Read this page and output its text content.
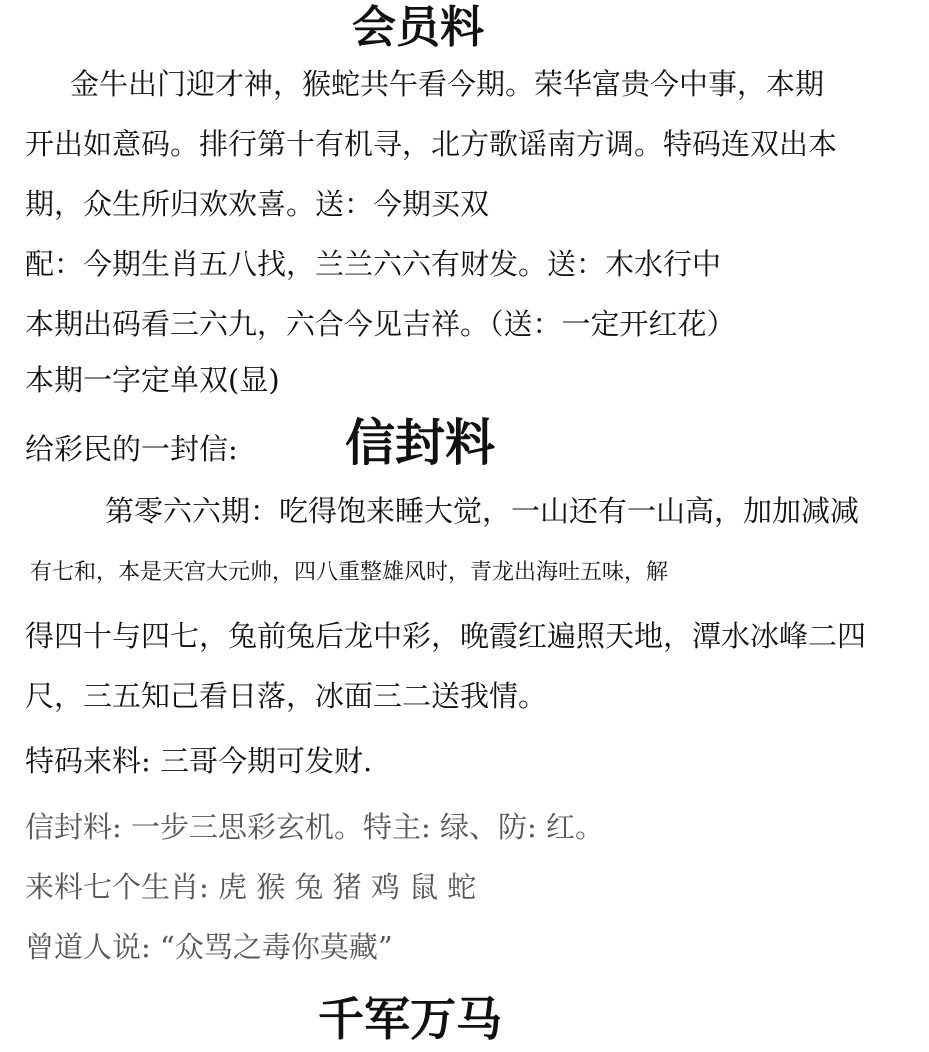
会员料

金牛出门迎才神，猴蛇共午看今期。荣华富贵今中事，本期

开出如意码。排行第十有机寻，北方歌谣南方调。特码连双出本

期，众生所归欢欢喜。送：今期买双

配：今期生肖五八找，兰兰六六有财发。送：木水行中

本期出码看三六九，六合今见吉祥。（送：一定开红花）

本期一字定单双(显)

给彩民的一封信: 信封料

第零六六期：吃得饱来睡大觉，一山还有一山高，加加减减

有七和，本是天宫大元帅，四八重整雄风时，青龙出海吐五味，解

得四十与四七，兔前兔后龙中彩，晚霞红遍照天地，潭水冰峰二四

尺，三五知己看日落，冰面三二送我情。

特码来料: 三哥今期可发财.

信封料: 一步三思彩玄机。特主: 绿、防: 红。

来料七个生肖: 虎 猴 兔 猪 鸡 鼠 蛇

曾道人说: “众骂之毒你莫藏”

千军万马
